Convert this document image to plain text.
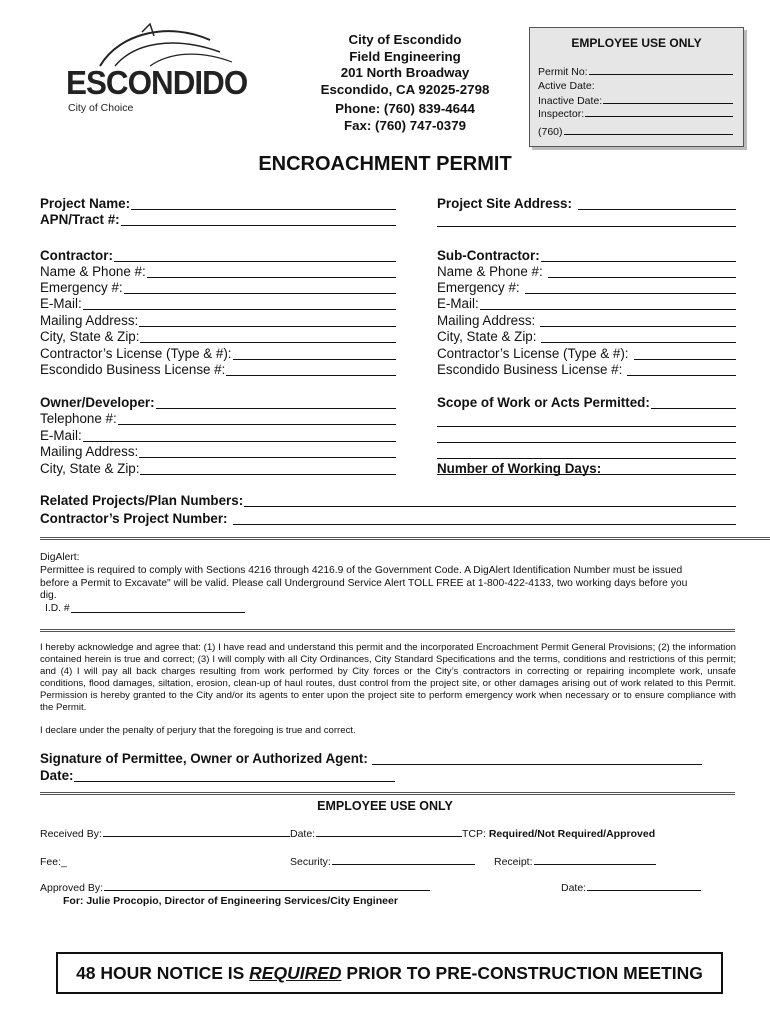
ESCONDIDO
City of Choice
City of Escondido
Field Engineering
201 North Broadway
Escondido, CA 92025-2798
Phone: (760) 839-4644
Fax: (760) 747-0379
EMPLOYEE USE ONLY
Permit No:
Active Date:
Inactive Date:
Inspector:
(760)
ENCROACHMENT PERMIT
Project Name:
APN/Tract #:
Project Site Address:
Contractor:
Name & Phone #:
Emergency #:
E-Mail:
Mailing Address:
City, State & Zip:
Contractor’s License (Type & #):
Escondido Business License #:
Sub-Contractor:
Name & Phone #:
Emergency #:
E-Mail:
Mailing Address:
City, State & Zip:
Contractor’s License (Type & #):
Escondido Business License #:
Owner/Developer:
Telephone #:
E-Mail:
Mailing Address:
City, State & Zip:
Scope of Work or Acts Permitted:
Number of Working Days:
Related Projects/Plan Numbers:
Contractor’s Project Number:
DigAlert:
Permittee is required to comply with Sections 4216 through 4216.9 of the Government Code. A DigAlert Identification Number must be issued before a Permit to Excavate" will be valid. Please call Underground Service Alert TOLL FREE at 1-800-422-4133, two working days before you dig.
I.D. #
I hereby acknowledge and agree that: (1) I have read and understand this permit and the incorporated Encroachment Permit General Provisions; (2) the information contained herein is true and correct; (3) I will comply with all City Ordinances, City Standard Specifications and the terms, conditions and restrictions of this permit; and (4) I will pay all back charges resulting from work performed by City forces or the City’s contractors in correcting or repairing incomplete work, unsafe conditions, flood damages, siltation, erosion, clean-up of haul routes, dust control from the project site, or other damages arising out of work related to this Permit. Permission is hereby granted to the City and/or its agents to enter upon the project site to perform emergency work when necessary or to ensure compliance with the Permit.
I declare under the penalty of perjury that the foregoing is true and correct.
Signature of Permittee, Owner or Authorized Agent:
Date:
EMPLOYEE USE ONLY
Received By:	Date:	TCP: Required/Not Required/Approved
Fee:_	Security:	Receipt:
Approved By:	Date:
For: Julie Procopio, Director of Engineering Services/City Engineer
48 HOUR NOTICE IS REQUIRED PRIOR TO PRE-CONSTRUCTION MEETING
